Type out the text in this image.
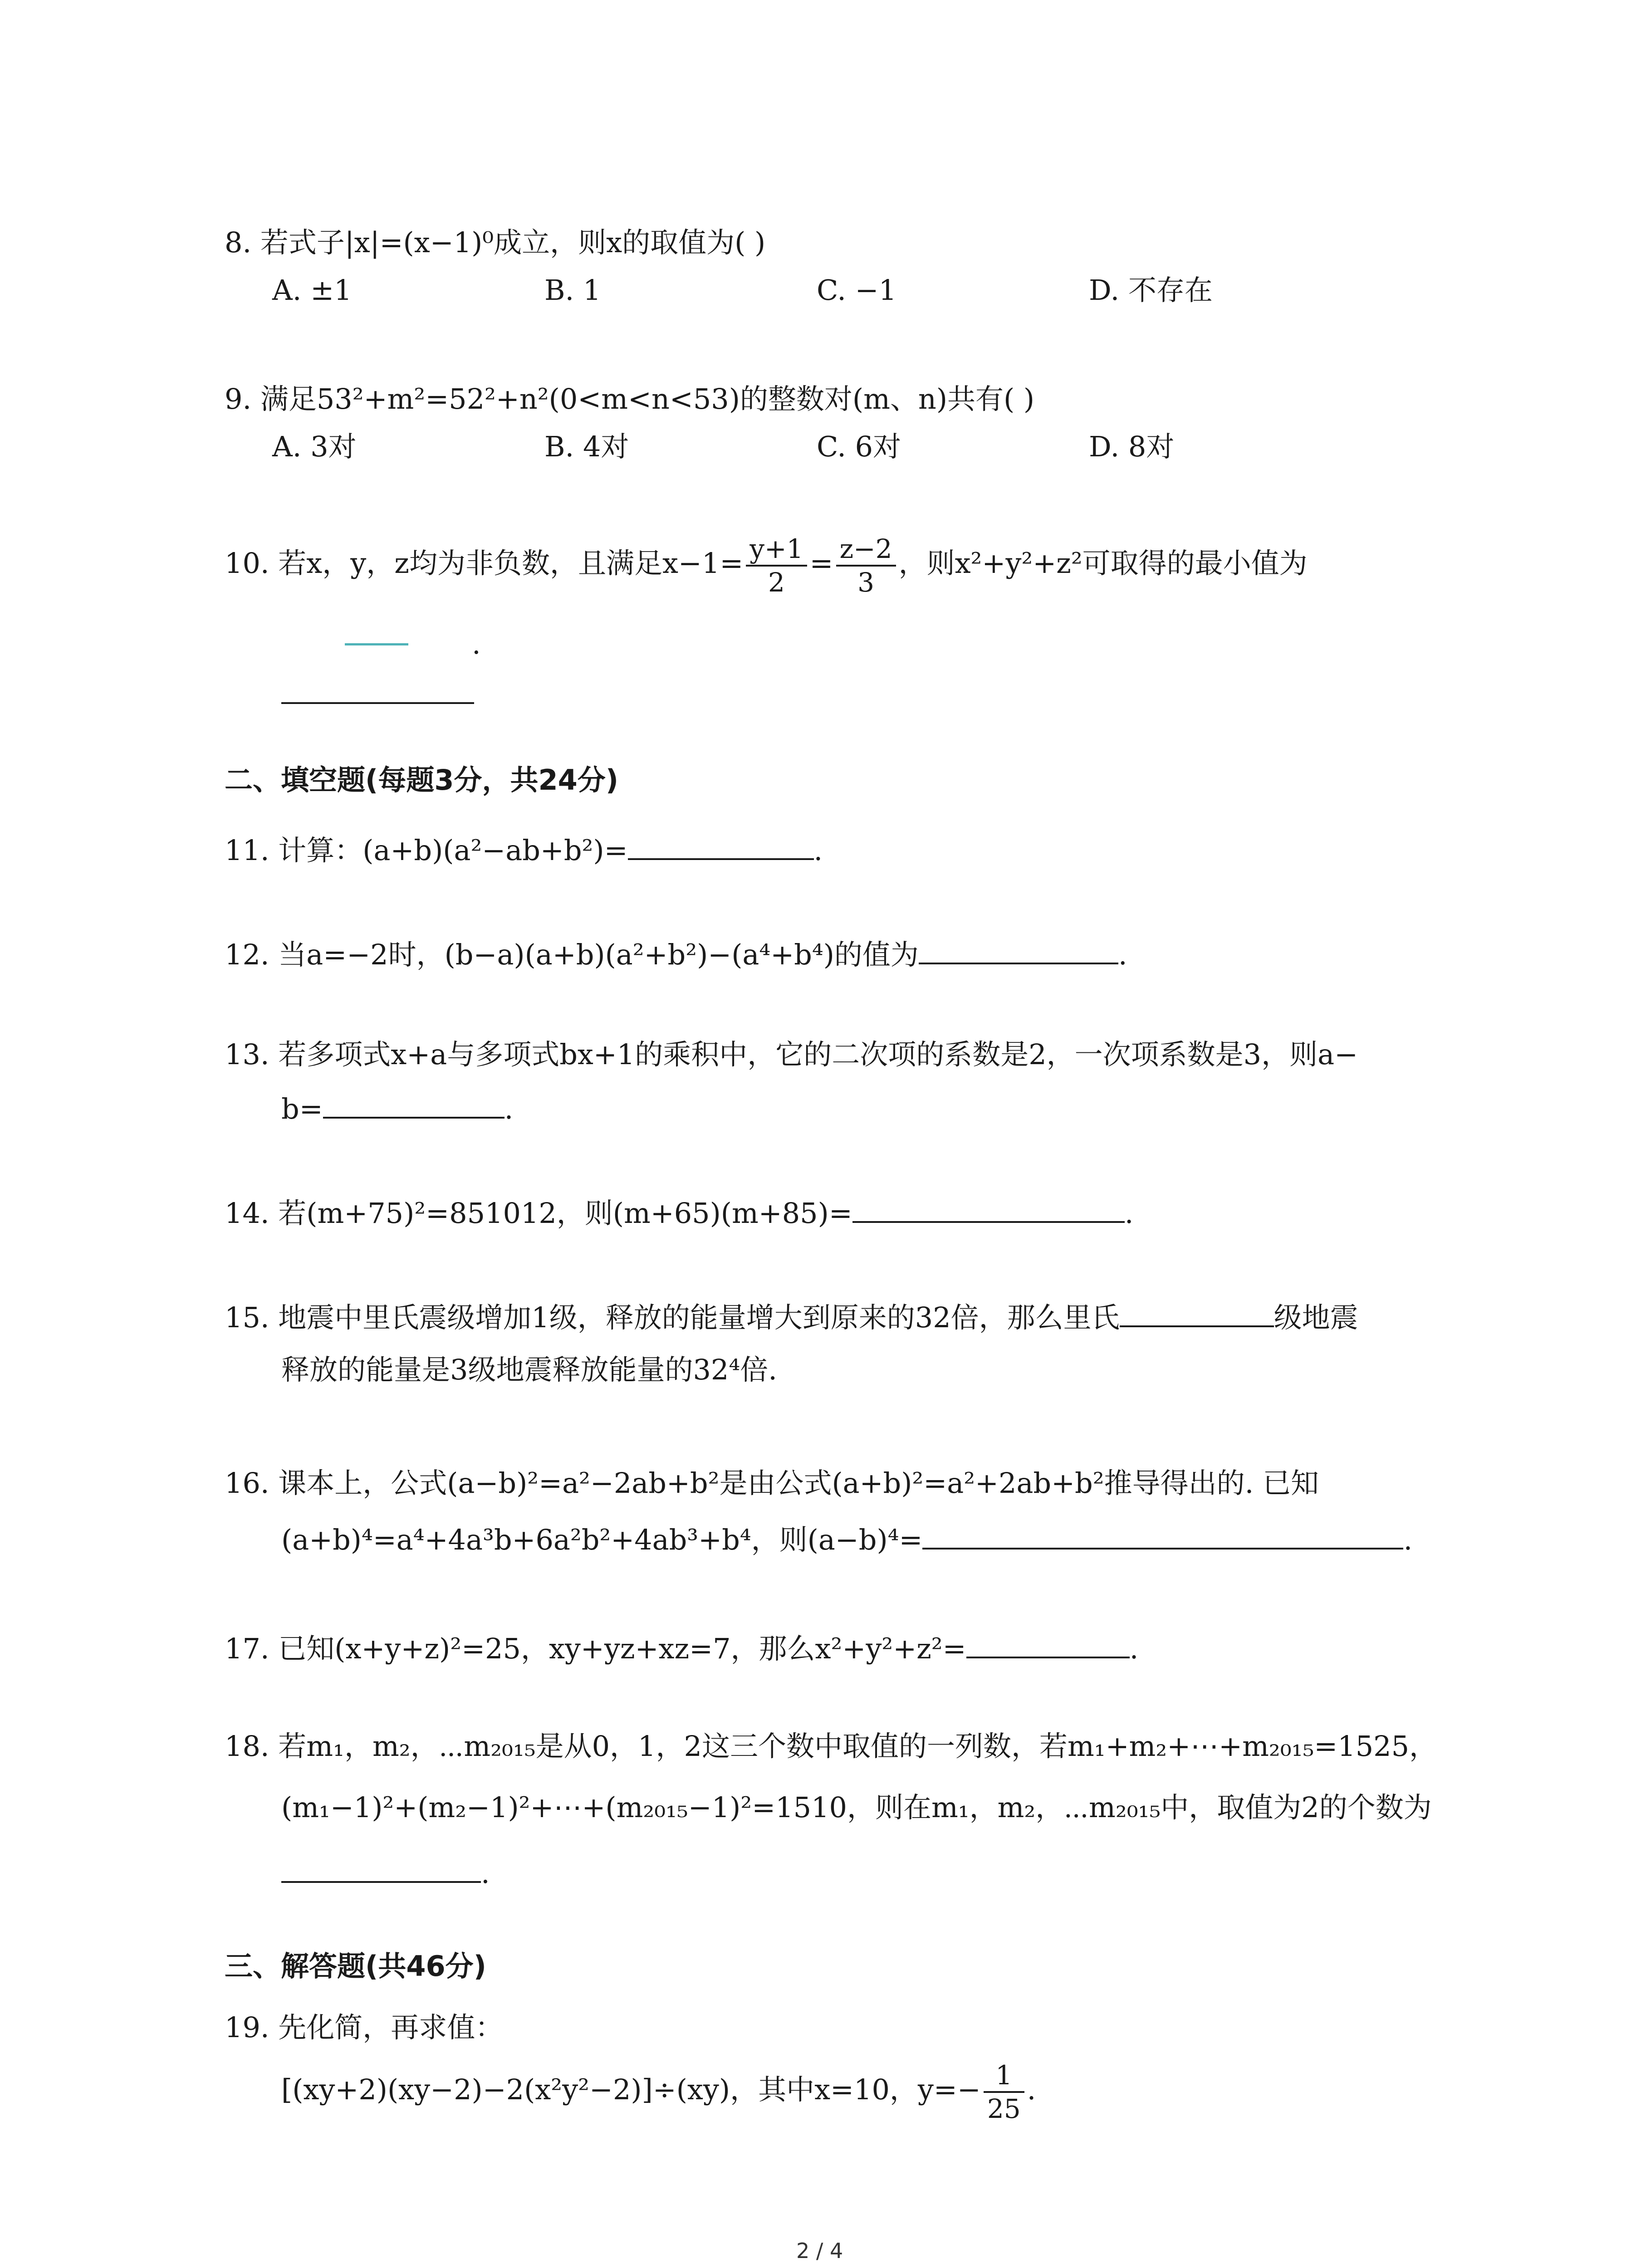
8. 若式子|x|=(x−1)⁰成立，则x的取值为( )
A. ±1	B. 1	C. −1	D. 不存在
9. 满足53²+m²=52²+n²(0<m<n<53)的整数对(m、n)共有( )
A. 3对	B. 4对	C. 6对	D. 8对
10. 若x，y，z均为非负数，且满足$x-1= \frac{y+1}{2} = \frac{z-2}{3}$ ，则x²+y²+z²可取得的最小值为
.
二、填空题(每题3分，共24分)
11. 计算：(a+b)(a²−ab+b²)=	.
12. 当a=−2时，(b−a)(a+b)(a²+b²)−(a⁴+b⁴)的值为	.
13. 若多项式x+a与多项式bx+1的乘积中，它的二次项的系数是2，一次项系数是3，则a−
b=	.
14. 若(m+75)²=851012，则(m+65)(m+85)=	.
15. 地震中里氏震级增加1级，释放的能量增大到原来的32倍，那么里氏	级地震
释放的能量是3级地震释放能量的32⁴倍.
16. 课本上，公式(a−b)²=a²−2ab+b²是由公式(a+b)²=a²+2ab+b²推导得出的. 已知
(a+b)⁴=a⁴+4a³b+6a²b²+4ab³+b⁴，则(a−b)⁴=	.
17. 已知(x+y+z)²=25，xy+yz+xz=7，那么x²+y²+z²=	.
18. 若m₁，m₂，⋯m₂₀₁₅是从0，1，2这三个数中取值的一列数，若m₁+m₂+⋯+m₂₀₁₅=1525，
(m₁−1)²+(m₂−1)²+⋯+(m₂₀₁₅−1)²=1510，则在m₁，m₂，⋯m₂₀₁₅中，取值为2的个数为
.
三、解答题(共46分)
19. 先化简，再求值：
[(xy+2)(xy−2)−2(x²y²−2)]÷(xy)，其中x=10，$y=- \frac{1}{25}$ .
2 / 4
